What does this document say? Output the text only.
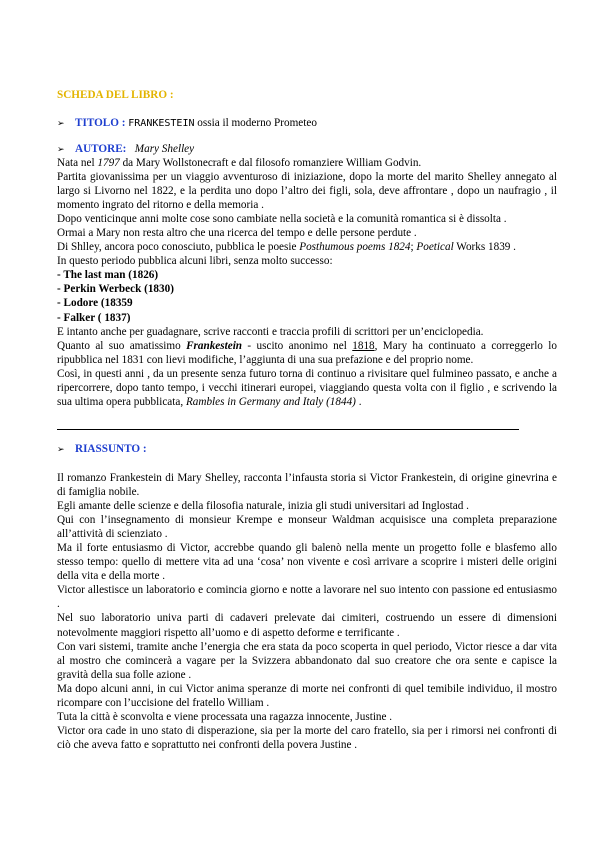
SCHEDA DEL LIBRO :
➢ TITOLO : FRANKESTEIN ossia il moderno Prometeo
➢ AUTORE: Mary Shelley

Nata nel 1797 da Mary Wollstonecraft e dal filosofo romanziere William Godvin.

Partita giovanissima per un viaggio avventuroso di iniziazione, dopo la morte del marito Shelley annegato al largo si Livorno nel 1822, e la perdita uno dopo l’altro dei figli, sola, deve affrontare , dopo un naufragio , il momento ingrato del ritorno e della memoria .

Dopo venticinque anni molte cose sono cambiate nella società e la comunità romantica si è dissolta .

Ormai a Mary non resta altro che una ricerca del tempo e delle persone perdute .

Di Shlley, ancora poco conosciuto, pubblica le poesie Posthumous poems 1824; Poetical Works 1839 .

In questo periodo pubblica alcuni libri, senza molto successo:

- The last man (1826)

- Perkin Werbeck (1830)

- Lodore (18359

- Falker ( 1837)

E intanto anche per guadagnare, scrive racconti e traccia profili di scrittori per un’enciclopedia.

Quanto al suo amatissimo Frankestein - uscito anonimo nel 1818, Mary ha continuato a correggerlo lo ripubblica nel 1831 con lievi modifiche, l’aggiunta di una sua prefazione e del proprio nome.

Così, in questi anni , da un presente senza futuro torna di continuo a rivisitare quel fulmineo passato, e anche a ripercorrere, dopo tanto tempo, i vecchi itinerari europei, viaggiando questa volta con il figlio , e scrivendo la sua ultima opera pubblicata, Rambles in Germany and Italy (1844) .

➢ RIASSUNTO :

Il romanzo Frankestein di Mary Shelley, racconta l’infausta storia si Victor Frankestein, di origine ginevrina e di famiglia nobile.

Egli amante delle scienze e della filosofia naturale, inizia gli studi universitari ad Inglostad .

Qui con l’insegnamento di monsieur Krempe e monseur Waldman acquisisce una completa preparazione all’attività di scienziato .

Ma il forte entusiasmo di Victor, accrebbe quando gli balenò nella mente un progetto folle e blasfemo allo stesso tempo: quello di mettere vita ad una ‘cosa’ non vivente e così arrivare a scoprire i misteri delle origini della vita e della morte .

Victor allestisce un laboratorio e comincia giorno e notte a lavorare nel suo intento con passione ed entusiasmo .

Nel suo laboratorio univa parti di cadaveri prelevate dai cimiteri, costruendo un essere di dimensioni notevolmente maggiori rispetto all’uomo e di aspetto deforme e terrificante .

Con vari sistemi, tramite anche l’energia che era stata da poco scoperta in quel periodo, Victor riesce a dar vita al mostro che comincerà a vagare per la Svizzera abbandonato dal suo creatore che ora sente e capisce la gravità della sua folle azione .

Ma dopo alcuni anni, in cui Victor anima speranze di morte nei confronti di quel temibile individuo, il mostro ricompare con l’uccisione del fratello William .

Tuta la città è sconvolta e viene processata una ragazza innocente, Justine .

Victor ora cade in uno stato di disperazione, sia per la morte del caro fratello, sia per i rimorsi nei confronti di ciò che aveva fatto e soprattutto nei confronti della povera Justine .
